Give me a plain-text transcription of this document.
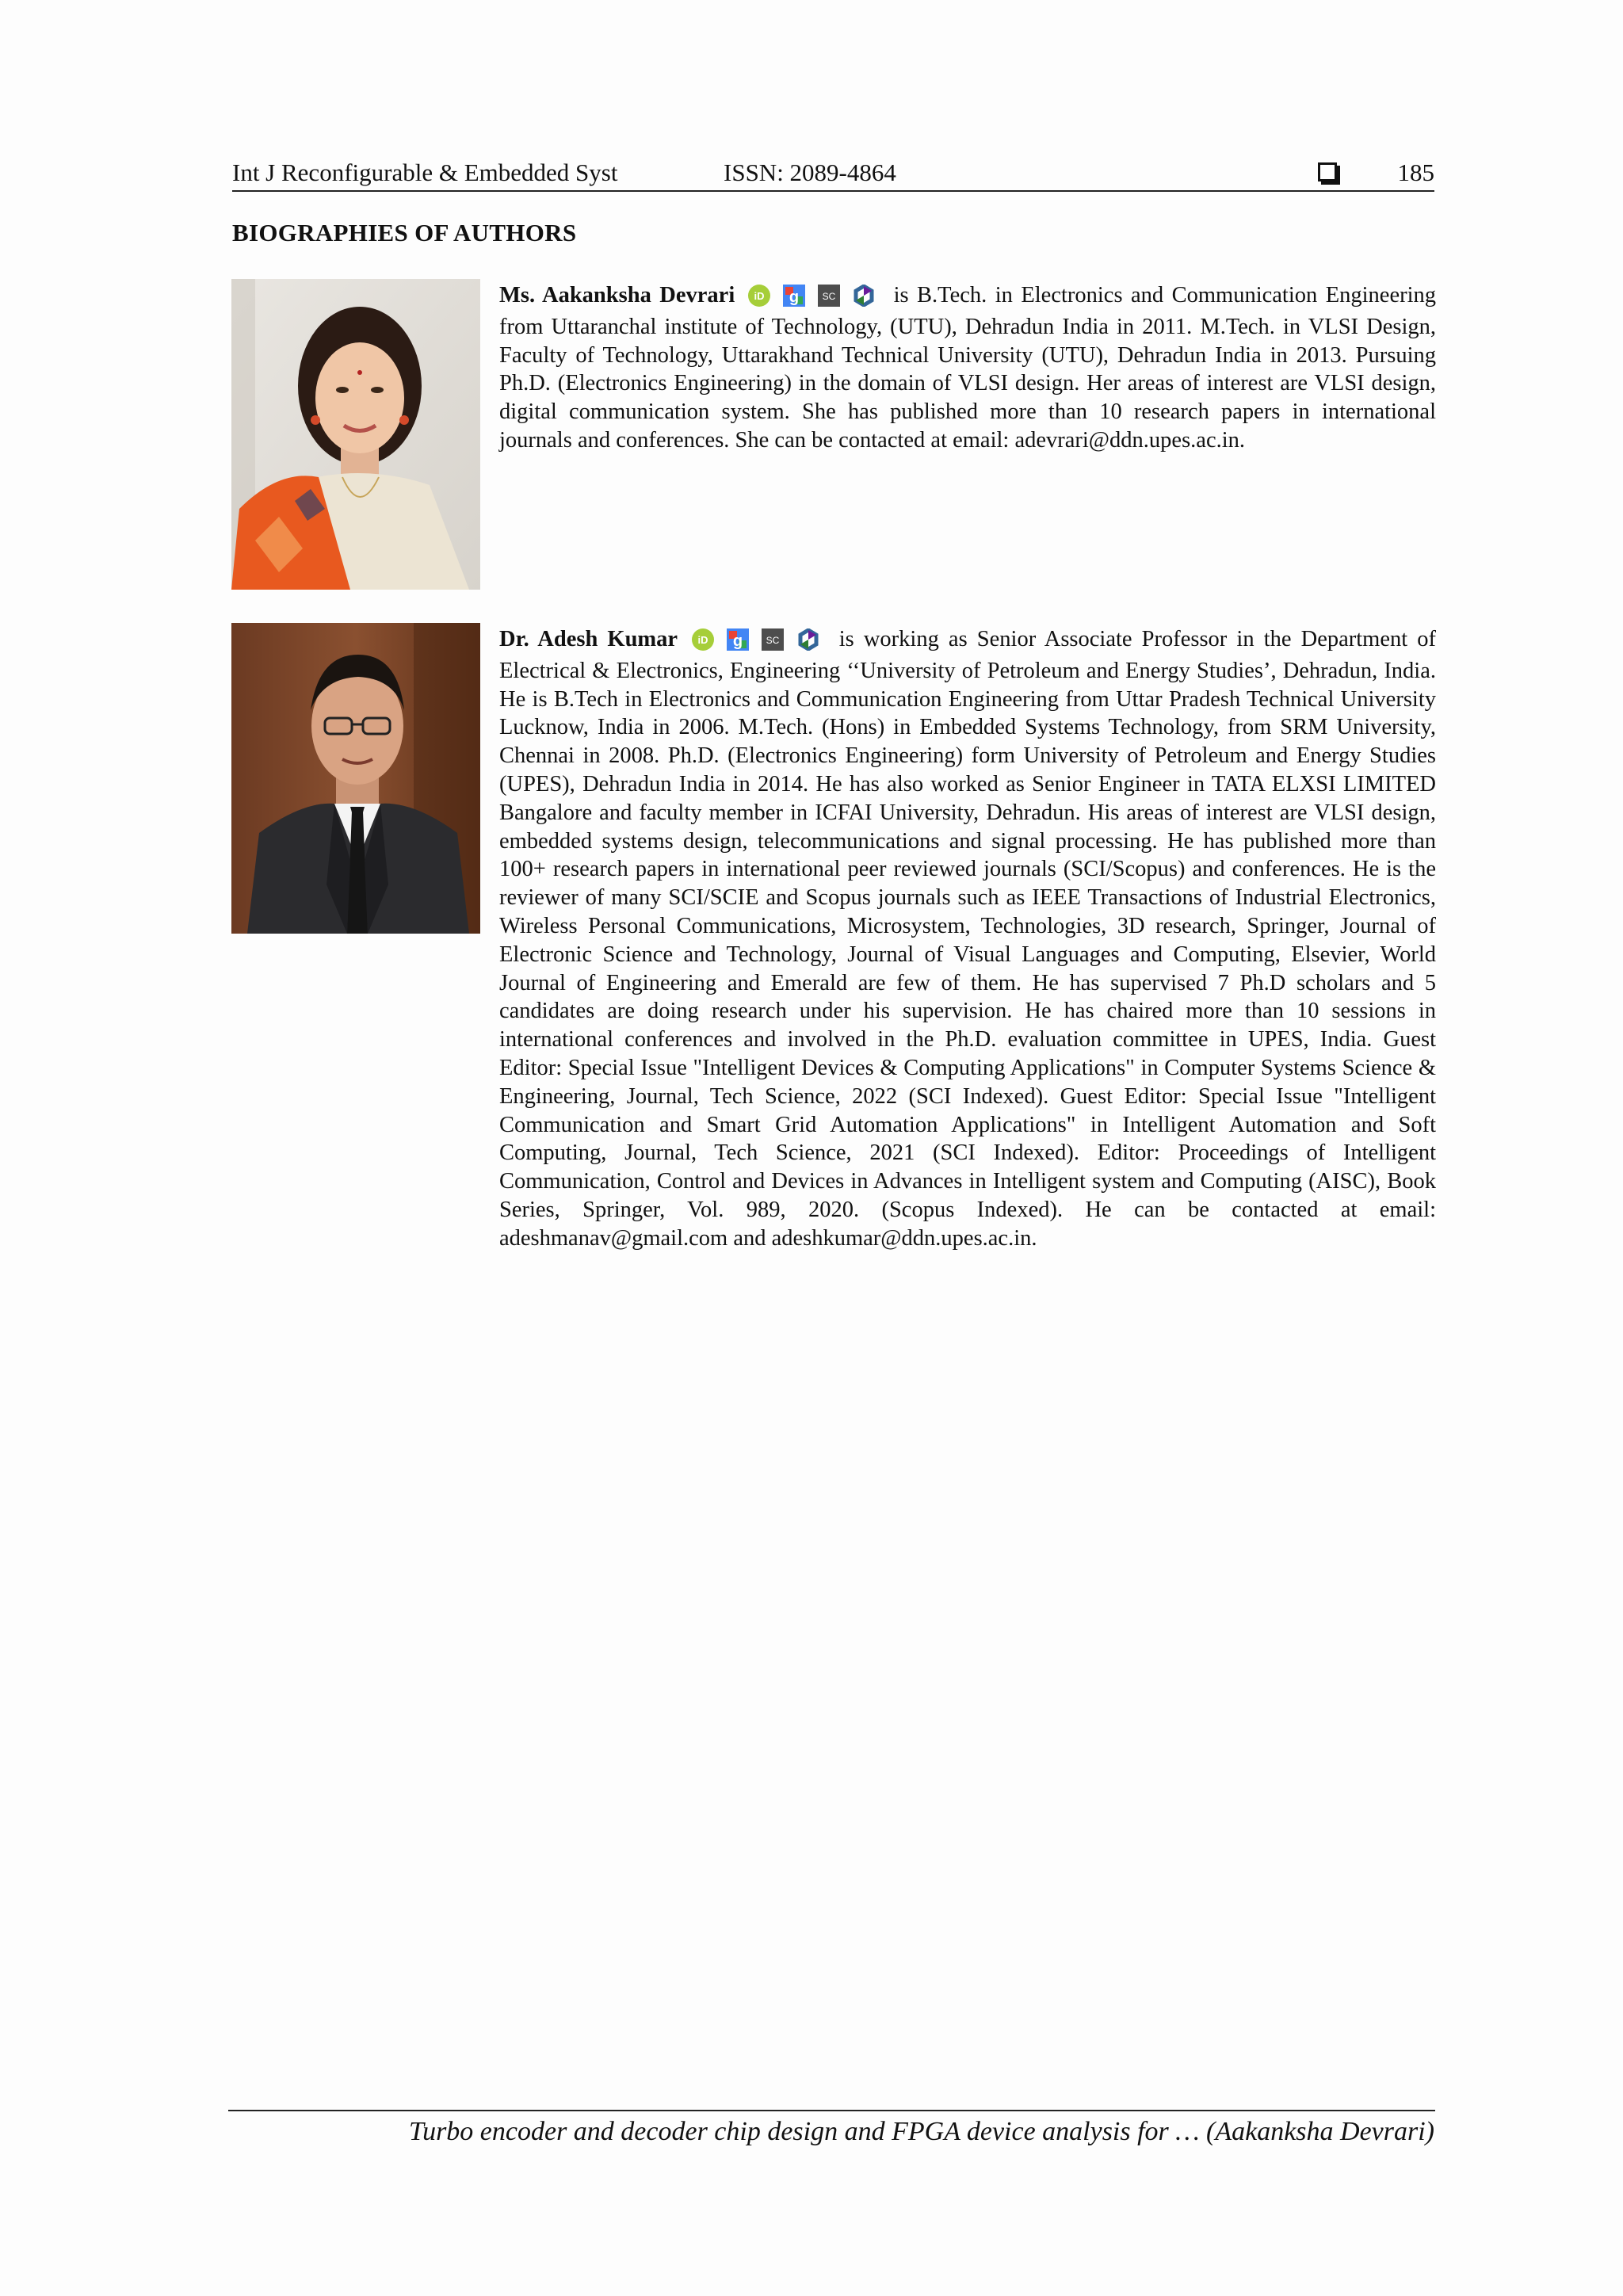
Int J Reconfigurable & Embedded Syst	ISSN: 2089-4864	185
BIOGRAPHIES OF AUTHORS
Ms. Aakanksha Devrari iD
g
SC
	is B.Tech. in Electronics and Communication Engineering from Uttaranchal institute of Technology, (UTU), Dehradun India in 2011. M.Tech. in VLSI Design, Faculty of Technology, Uttarakhand Technical University (UTU), Dehradun India in 2013. Pursuing Ph.D. (Electronics Engineering) in the domain of VLSI design. Her areas of interest are VLSI design, digital communication system. She has published more than 10 research papers in international journals and conferences. She can be contacted at email: adevrari@ddn.upes.ac.in.
Dr. Adesh Kumar iD
g
SC
	is working as Senior Associate Professor in the Department of Electrical & Electronics, Engineering ‘‘University of Petroleum and Energy Studies’, Dehradun, India. He is B.Tech in Electronics and Communication Engineering from Uttar Pradesh Technical University Lucknow, India in 2006. M.Tech. (Hons) in Embedded Systems Technology, from SRM University, Chennai in 2008. Ph.D. (Electronics Engineering) form University of Petroleum and Energy Studies (UPES), Dehradun India in 2014. He has also worked as Senior Engineer in TATA ELXSI LIMITED Bangalore and faculty member in ICFAI University, Dehradun. His areas of interest are VLSI design, embedded systems design, telecommunications and signal processing. He has published more than 100+ research papers in international peer reviewed journals (SCI/Scopus) and conferences. He is the reviewer of many SCI/SCIE and Scopus journals such as IEEE Transactions of Industrial Electronics, Wireless Personal Communications, Microsystem, Technologies, 3D research, Springer, Journal of Electronic Science and Technology, Journal of Visual Languages and Computing, Elsevier, World Journal of Engineering and Emerald are few of them. He has supervised 7 Ph.D scholars and 5 candidates are doing research under his supervision. He has chaired more than 10 sessions in international conferences and involved in the Ph.D. evaluation committee in UPES, India. Guest Editor: Special Issue "Intelligent Devices & Computing Applications" in Computer Systems Science & Engineering, Journal, Tech Science, 2022 (SCI Indexed). Guest Editor: Special Issue "Intelligent Communication and Smart Grid Automation Applications" in Intelligent Automation and Soft Computing, Journal, Tech Science, 2021 (SCI Indexed). Editor: Proceedings of Intelligent Communication, Control and Devices in Advances in Intelligent system and Computing (AISC), Book Series, Springer, Vol. 989, 2020. (Scopus Indexed). He can be contacted at email: adeshmanav@gmail.com and adeshkumar@ddn.upes.ac.in.
Turbo encoder and decoder chip design and FPGA device analysis for … (Aakanksha Devrari)
